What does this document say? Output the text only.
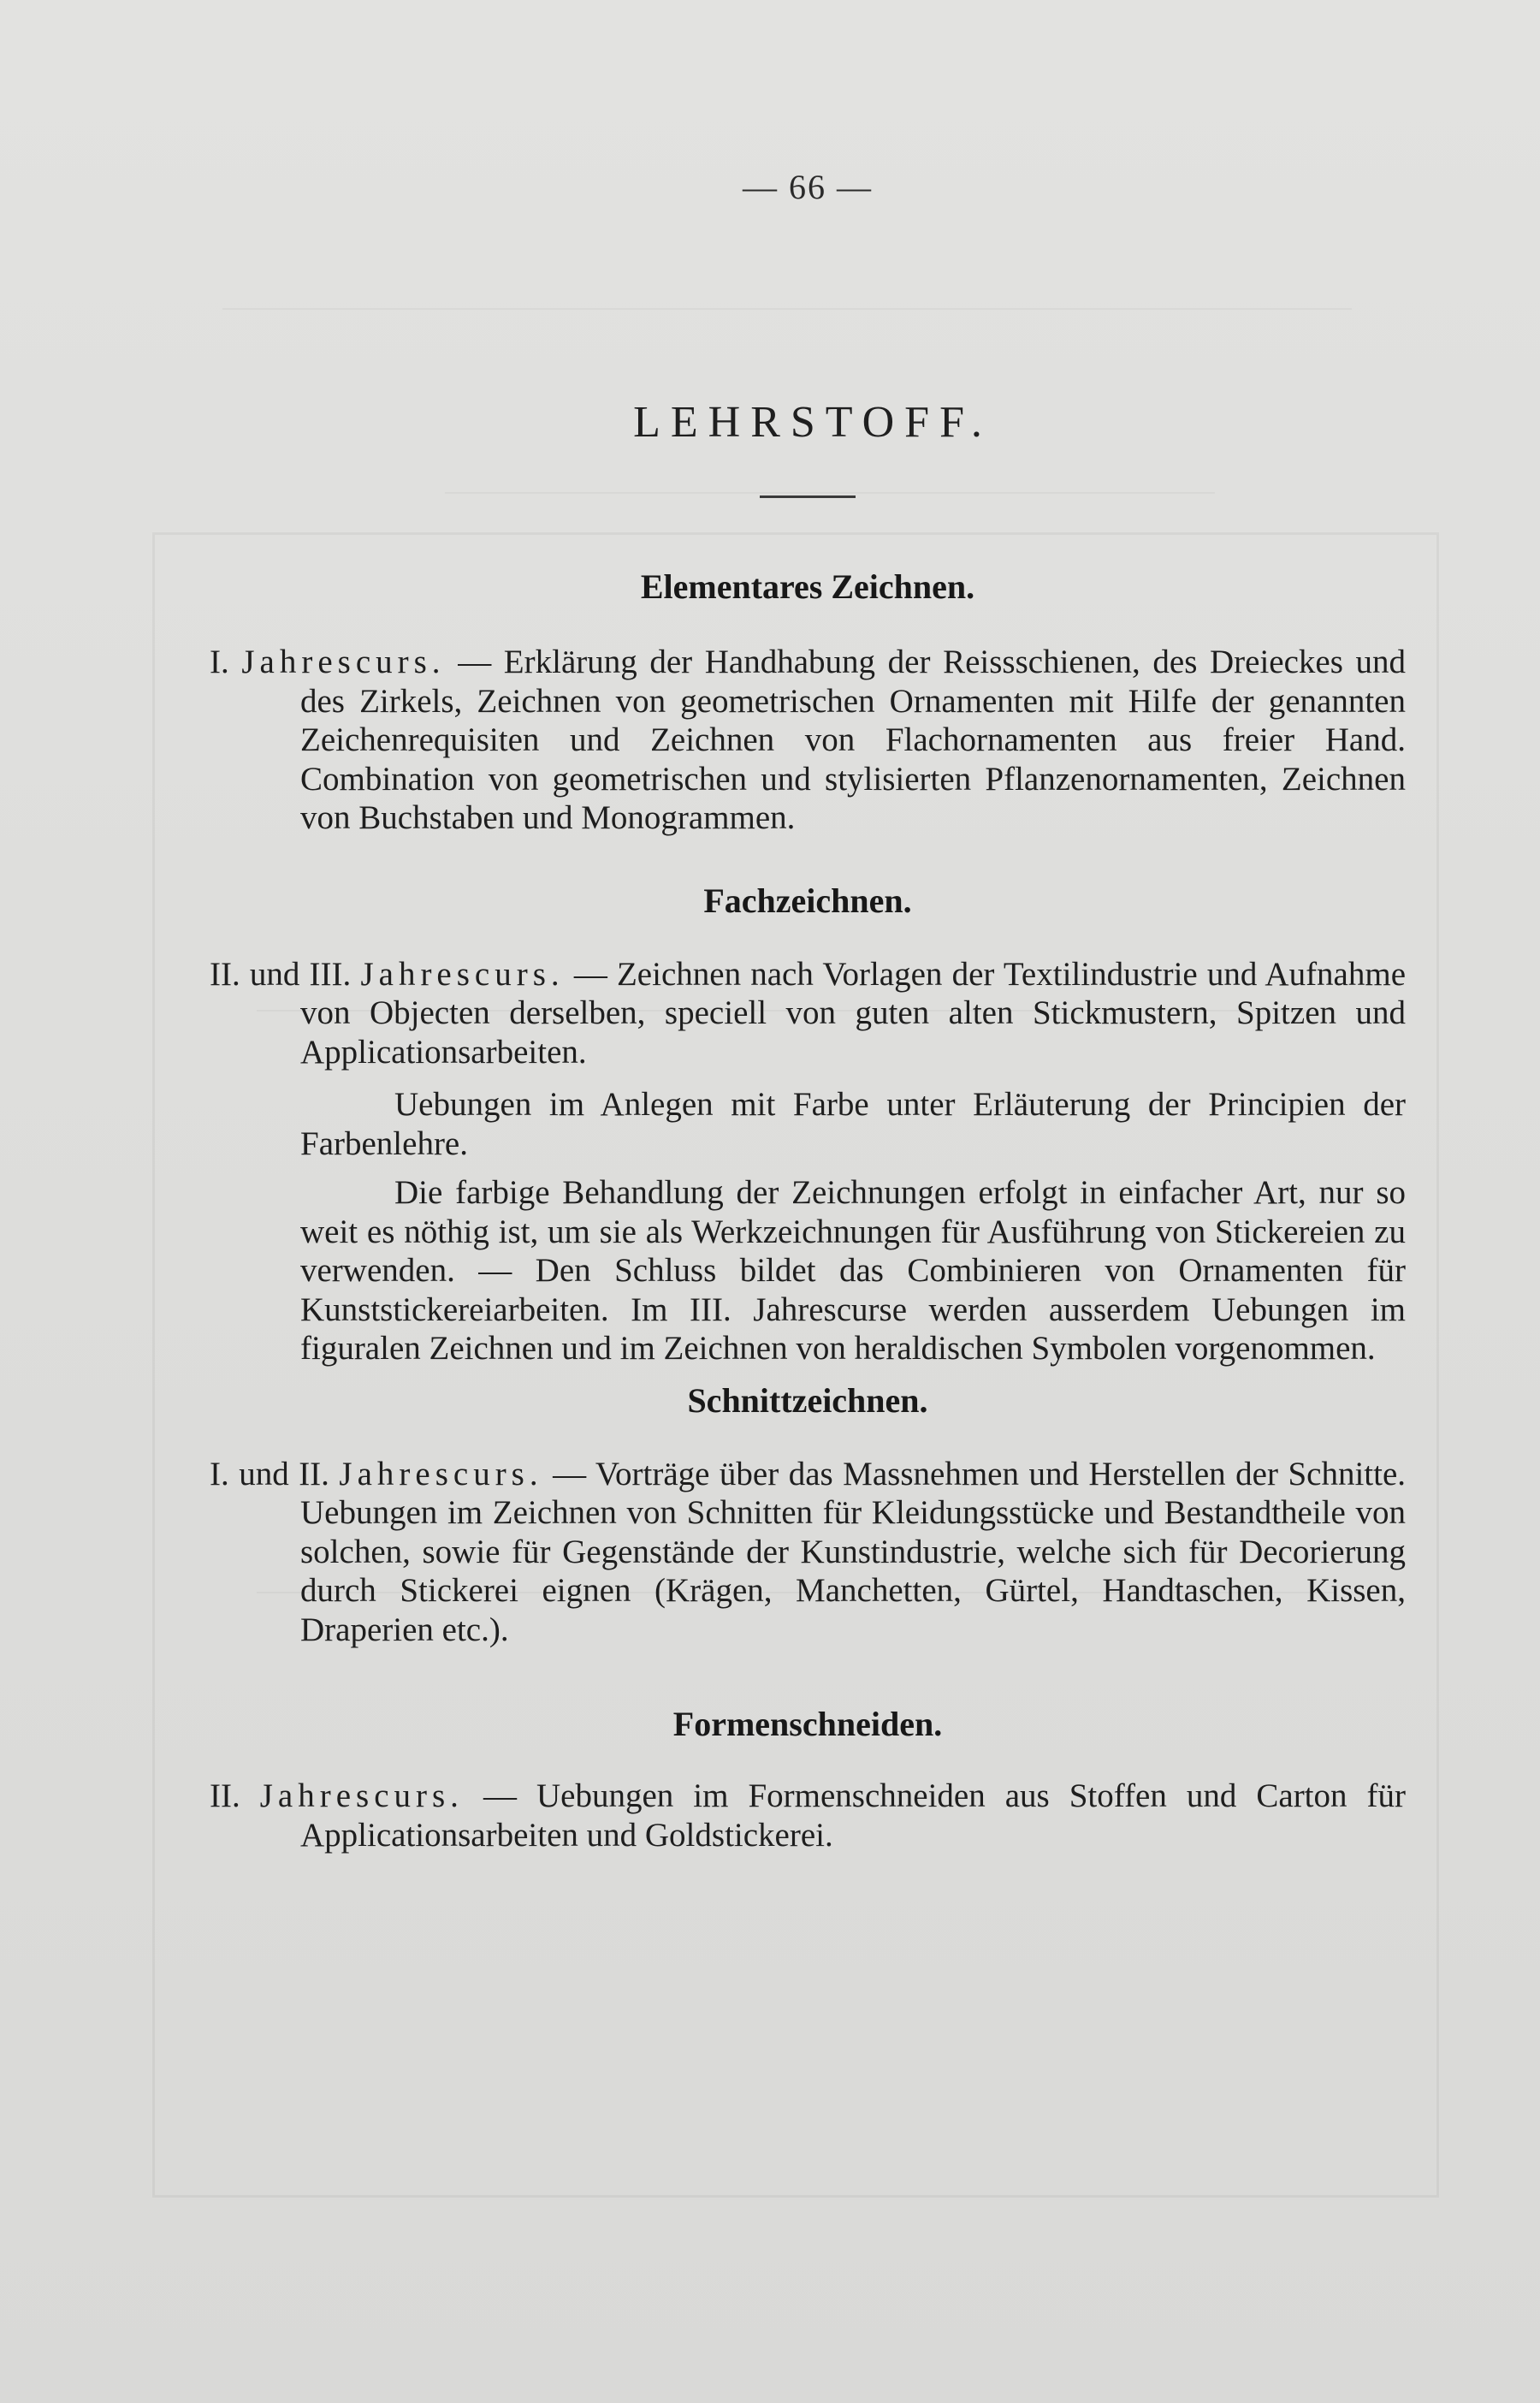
— 66 —
LEHRSTOFF.
Elementares Zeichnen.

I. Jahrescurs. — Erklärung der Handhabung der Reissschienen, des Dreieckes und des Zirkels, Zeichnen von geometrischen Ornamenten mit Hilfe der genannten Zeichenrequisiten und Zeichnen von Flachornamenten aus freier Hand. Combination von geometrischen und stylisierten Pflanzenornamenten, Zeichnen von Buchstaben und Monogrammen.

Fachzeichnen.

II. und III. Jahrescurs. — Zeichnen nach Vorlagen der Textilindustrie und Aufnahme von Objecten derselben, speciell von guten alten Stickmustern, Spitzen und Applicationsarbeiten.

Uebungen im Anlegen mit Farbe unter Erläuterung der Principien der Farbenlehre.

Die farbige Behandlung der Zeichnungen erfolgt in einfacher Art, nur so weit es nöthig ist, um sie als Werkzeichnungen für Ausführung von Stickereien zu verwenden. — Den Schluss bildet das Combinieren von Ornamenten für Kunststickereiarbeiten. Im III. Jahrescurse werden ausserdem Uebungen im figuralen Zeichnen und im Zeichnen von heraldischen Symbolen vorgenommen.

Schnittzeichnen.

I. und II. Jahrescurs. — Vorträge über das Massnehmen und Herstellen der Schnitte. Uebungen im Zeichnen von Schnitten für Kleidungsstücke und Bestandtheile von solchen, sowie für Gegenstände der Kunstindustrie, welche sich für Decorierung durch Stickerei eignen (Krägen, Manchetten, Gürtel, Handtaschen, Kissen, Draperien etc.).

Formenschneiden.

II. Jahrescurs. — Uebungen im Formenschneiden aus Stoffen und Carton für Applicationsarbeiten und Goldstickerei.
